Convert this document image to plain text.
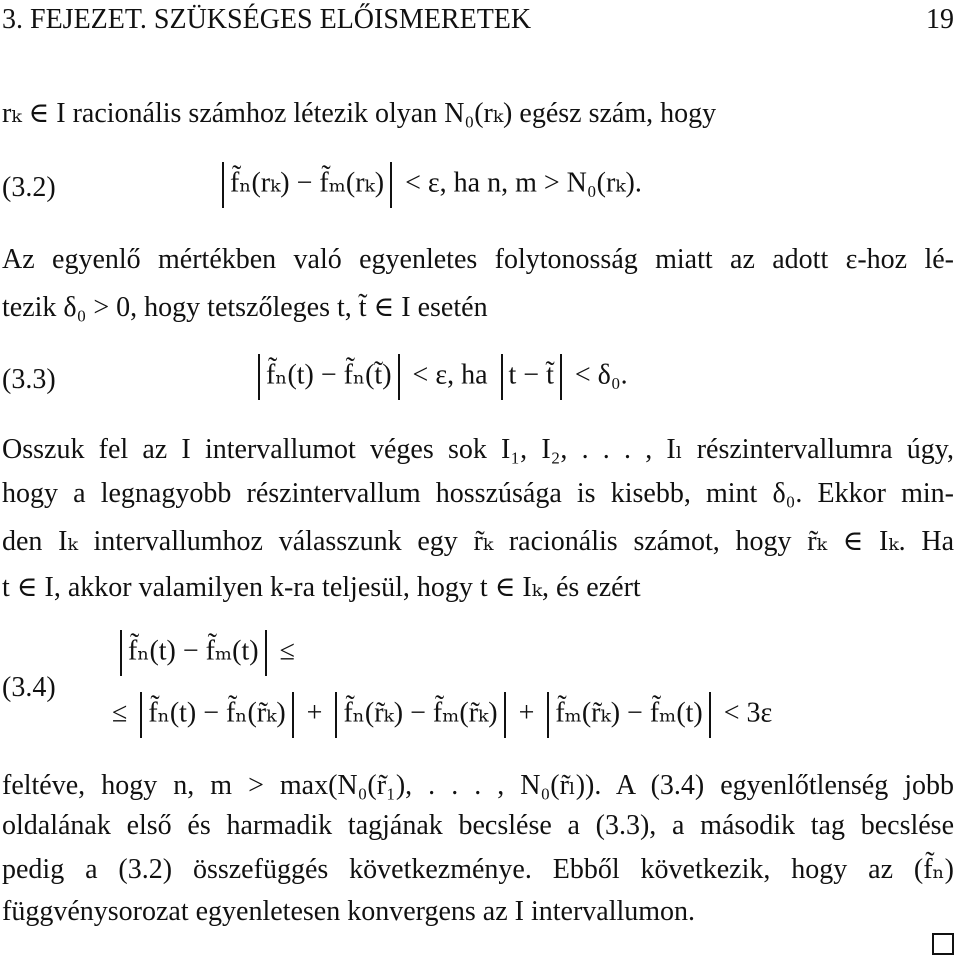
3. FEJEZET. SZÜKSÉGES ELŐISMERETEK	19
rₖ ∈ I racionális számhoz létezik olyan N₀(rₖ) egész szám, hogy
(3.2)	f̃ₙ(rₖ) − f̃ₘ(rₖ) < ε, ha n, m > N₀(rₖ).
Az egyenlő mértékben való egyenletes folytonosság miatt az adott ε-hoz lé-
tezik δ₀ > 0, hogy tetszőleges t, t̃ ∈ I esetén
(3.3)	f̃ₙ(t) − f̃ₙ(t̃) < ε, ha t − t̃ < δ₀.
Osszuk fel az I intervallumot véges sok I₁, I₂, . . . , Iₗ részintervallumra úgy,
hogy a legnagyobb részintervallum hosszúsága is kisebb, mint δ₀. Ekkor min-
den Iₖ intervallumhoz válasszunk egy r̃ₖ racionális számot, hogy r̃ₖ ∈ Iₖ. Ha
t ∈ I, akkor valamilyen k-ra teljesül, hogy t ∈ Iₖ, és ezért
(3.4)
f̃ₙ(t) − f̃ₘ(t) ≤
≤ f̃ₙ(t) − f̃ₙ(r̃ₖ) + f̃ₙ(r̃ₖ) − f̃ₘ(r̃ₖ) + f̃ₘ(r̃ₖ) − f̃ₘ(t) < 3ε
feltéve, hogy n, m > max(N₀(r̃₁), . . . , N₀(r̃ₗ)). A (3.4) egyenlőtlenség jobb
oldalának első és harmadik tagjának becslése a (3.3), a második tag becslése
pedig a (3.2) összefüggés következménye. Ebből következik, hogy az (f̃ₙ)
függvénysorozat egyenletesen konvergens az I intervallumon.
